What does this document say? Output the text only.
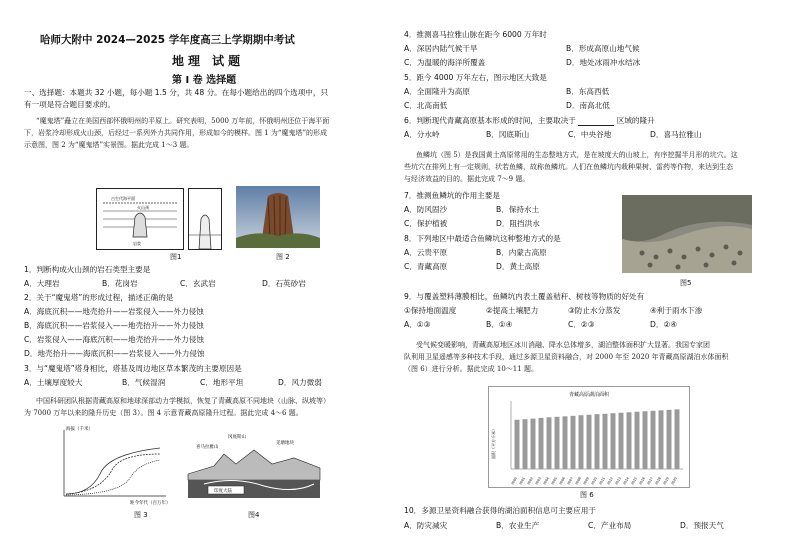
哈师大附中 2024—2025 学年度高三上学期期中考试
地理 试题
第 I 卷 选择题
一、选择题：本题共 32 小题，每小题 1.5 分，共 48 分。在每小题给出的四个选项中，只
有一项是符合题目要求的。
“魔鬼塔”矗立在美国西部怀俄明州的平原上。研究表明，5000 万年前，怀俄明州还位于海平面
下，岩浆冷却形成火山颈，后经过一系列外力共同作用，形成如今的模样。图 1 为“魔鬼塔”的形成
示意图，图 2 为“魔鬼塔”实景图。据此完成 1～3 题。
古生代海平面
火山颈
岩浆
图1	图 2
1．判断构成火山颈的岩石类型主要是
A．大理岩	B．花岗岩	C．玄武岩	D．石英砂岩
2．关于“魔鬼塔”的形成过程，描述正确的是
A．海底沉积——地壳抬升——岩浆侵入——外力侵蚀
B．海底沉积——岩浆侵入——地壳抬升——外力侵蚀
C．岩浆侵入——海底沉积——地壳抬升——外力侵蚀
D．地壳抬升——海底沉积——岩浆侵入——外力侵蚀
3．与“魔鬼塔”塔身相比，塔基及周边地区草本繁茂的主要原因是
A．土壤厚度较大	B．气候湿润	C．地形平坦	D．风力微弱
中国科研团队根据青藏高原和地球深部动力学模拟，恢复了青藏高原不同地块（山脉、纵坡等）
为 7000 万年以来的隆升历史（图 3）。图 4 示意青藏高原隆升过程。据此完成 4～6 题。
海拔（千米）
距今年代（百万年）
图 3
印度大陆
喜马拉雅山
冈底斯山
羌塘地块
图4
4．推测喜马拉雅山脉在距今 6000 万年时
A．深居内陆气候干旱	B．形成高原山地气候
C．为温暖的海洋所覆盖	D．地处冰雨冲水结冰
5．距今 4000 万年左右，图示地区大致是
A．全面隆升为高原	B．东高西低
C．北高南低	D．南高北低
6．判断现代青藏高原基本形成的时间，主要取决于	区域的隆升
A．分水岭	B．冈底斯山	C．中央谷地	D．喜马拉雅山
鱼鳞坑（图 5）是我国黄土高原常用的生态整地方式，是在坡度大的山坡上，有序挖掘半月形的坑穴。这
些坑穴在排列上有一定规则，状若鱼鳞，故称鱼鳞坑。人们在鱼鳞坑内栽种果树、雷药等作物，来达到生态
与经济效益的目的。据此完成 7～9 题。
7．推测鱼鳞坑的作用主要是
A．防风固沙	B．保持水土
C．保护植被	D．阻挡洪水
8．下列地区中最适合鱼鳞坑这种整地方式的是
A．云贵平原	B．内蒙古高原
C．青藏高原	D．黄土高原
图5
9．与覆盖塑料薄膜相比，鱼鳞坑内表土覆盖秸秆、树枝等物质的好处有
①保持地面温度	②提高土壤肥力	③防止水分蒸发	④利于雨水下渗
A．①③	B．①④	C．②③	D．②④
受气候变暖影响，青藏高原地区冰川消融、降水总体增多，湖泊整体面积扩大显著。我国专家团
队利用卫星遥感等多种技术手段，通过多源卫星资料融合，对 2000 年至 2020 年青藏高原湖泊水体面积
（图 6）进行分析。据此完成 10～11 题。
青藏高原湖泊面积
面积（平方千米）
2000 2001 2002 2003 2004 2005 2006 2007 2008 2009 2010 2011 2012 2013 2014 2015 2016 2017 2018 2019 2020
图 6
10．多源卫星资料融合获得的湖泊面积信息可主要应用于
A．防灾减灾	B．农业生产	C．产业布局	D．预报天气
